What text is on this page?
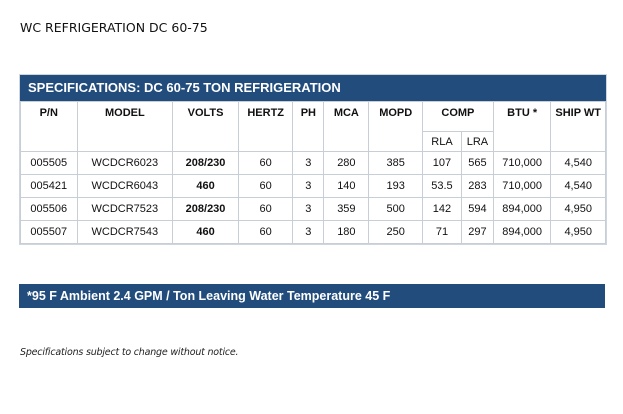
WC REFRIGERATION DC 60-75
SPECIFICATIONS: DC 60-75 TON REFRIGERATION
P/N	MODEL	VOLTS	HERTZ	PH	MCA	MOPD	COMP		BTU *	SHIP WT
							RLA	LRA		
005505	WCDCR6023	208/230	60	3	280	385	107	565	710,000	4,540
005421	WCDCR6043	460	60	3	140	193	53.5	283	710,000	4,540
005506	WCDCR7523	208/230	60	3	359	500	142	594	894,000	4,950
005507	WCDCR7543	460	60	3	180	250	71	297	894,000	4,950
*95 F Ambient 2.4 GPM / Ton Leaving Water Temperature 45 F
Specifications subject to change without notice.
